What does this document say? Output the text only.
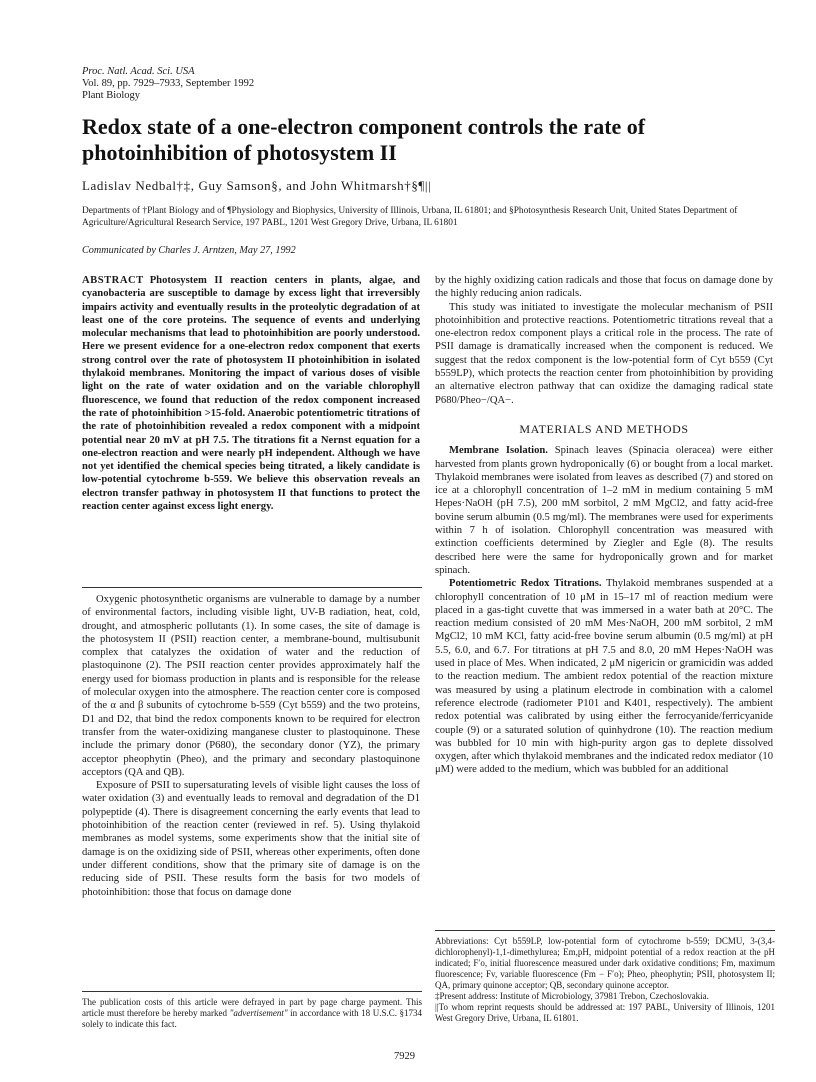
Proc. Natl. Acad. Sci. USA
Vol. 89, pp. 7929–7933, September 1992
Plant Biology
Redox state of a one-electron component controls the rate of photoinhibition of photosystem II
Ladislav Nedbal†‡, Guy Samson§, and John Whitmarsh†§¶||
Departments of †Plant Biology and of ¶Physiology and Biophysics, University of Illinois, Urbana, IL 61801; and §Photosynthesis Research Unit, United States Department of Agriculture/Agricultural Research Service, 197 PABL, 1201 West Gregory Drive, Urbana, IL 61801
Communicated by Charles J. Arntzen, May 27, 1992
ABSTRACT Photosystem II reaction centers in plants, algae, and cyanobacteria are susceptible to damage by excess light that irreversibly impairs activity and eventually results in the proteolytic degradation of at least one of the core proteins. The sequence of events and underlying molecular mechanisms that lead to photoinhibition are poorly understood. Here we present evidence for a one-electron redox component that exerts strong control over the rate of photosystem II photoinhibition in isolated thylakoid membranes. Monitoring the impact of various doses of visible light on the rate of water oxidation and on the variable chlorophyll fluorescence, we found that reduction of the redox component increased the rate of photoinhibition >15-fold. Anaerobic potentiometric titrations of the rate of photoinhibition revealed a redox component with a midpoint potential near 20 mV at pH 7.5. The titrations fit a Nernst equation for a one-electron reaction and were nearly pH independent. Although we have not yet identified the chemical species being titrated, a likely candidate is low-potential cytochrome b-559. We believe this observation reveals an electron transfer pathway in photosystem II that functions to protect the reaction center against excess light energy.

Oxygenic photosynthetic organisms are vulnerable to damage by a number of environmental factors, including visible light, UV-B radiation, heat, cold, drought, and atmospheric pollutants (1). In some cases, the site of damage is the photosystem II (PSII) reaction center, a membrane-bound, multisubunit complex that catalyzes the oxidation of water and the reduction of plastoquinone (2). The PSII reaction center provides approximately half the energy used for biomass production in plants and is responsible for the release of molecular oxygen into the atmosphere. The reaction center core is composed of the α and β subunits of cytochrome b-559 (Cyt b559) and the two proteins, D1 and D2, that bind the redox components known to be required for electron transfer from the water-oxidizing manganese cluster to plastoquinone. These include the primary donor (P680), the secondary donor (YZ), the primary acceptor pheophytin (Pheo), and the primary and secondary plastoquinone acceptors (QA and QB).

Exposure of PSII to supersaturating levels of visible light causes the loss of water oxidation (3) and eventually leads to removal and degradation of the D1 polypeptide (4). There is disagreement concerning the early events that lead to photoinhibition of the reaction center (reviewed in ref. 5). Using thylakoid membranes as model systems, some experiments show that the initial site of damage is on the oxidizing side of PSII, whereas other experiments, often done under different conditions, show that the primary site of damage is on the reducing side of PSII. These results form the basis for two models of photoinhibition: those that focus on damage done

The publication costs of this article were defrayed in part by page charge payment. This article must therefore be hereby marked "advertisement" in accordance with 18 U.S.C. §1734 solely to indicate this fact.

by the highly oxidizing cation radicals and those that focus on damage done by the highly reducing anion radicals.

This study was initiated to investigate the molecular mechanism of PSII photoinhibition and protective reactions. Potentiometric titrations reveal that a one-electron redox component plays a critical role in the process. The rate of PSII damage is dramatically increased when the component is reduced. We suggest that the redox component is the low-potential form of Cyt b559 (Cyt b559LP), which protects the reaction center from photoinhibition by providing an alternative electron pathway that can oxidize the damaging radical state P680/Pheo−/QA−.

MATERIALS AND METHODS

Membrane Isolation. Spinach leaves (Spinacia oleracea) were either harvested from plants grown hydroponically (6) or bought from a local market. Thylakoid membranes were isolated from leaves as described (7) and stored on ice at a chlorophyll concentration of 1–2 mM in medium containing 5 mM Hepes·NaOH (pH 7.5), 200 mM sorbitol, 2 mM MgCl2, and fatty acid-free bovine serum albumin (0.5 mg/ml). The membranes were used for experiments within 7 h of isolation. Chlorophyll concentration was measured with extinction coefficients determined by Ziegler and Egle (8). The results described here were the same for hydroponically grown and for market spinach.

Potentiometric Redox Titrations. Thylakoid membranes suspended at a chlorophyll concentration of 10 μM in 15–17 ml of reaction medium were placed in a gas-tight cuvette that was immersed in a water bath at 20°C. The reaction medium consisted of 20 mM Mes·NaOH, 200 mM sorbitol, 2 mM MgCl2, 10 mM KCl, fatty acid-free bovine serum albumin (0.5 mg/ml) at pH 5.5, 6.0, and 6.7. For titrations at pH 7.5 and 8.0, 20 mM Hepes·NaOH was used in place of Mes. When indicated, 2 μM nigericin or gramicidin was added to the reaction medium. The ambient redox potential of the reaction mixture was measured by using a platinum electrode in combination with a calomel reference electrode (radiometer P101 and K401, respectively). The ambient redox potential was calibrated by using either the ferrocyanide/ferricyanide couple (9) or a saturated solution of quinhydrone (10). The reaction medium was bubbled for 10 min with high-purity argon gas to deplete dissolved oxygen, after which thylakoid membranes and the indicated redox mediator (10 μM) were added to the medium, which was bubbled for an additional

Abbreviations: Cyt b559LP, low-potential form of cytochrome b-559; DCMU, 3-(3,4-dichlorophenyl)-1,1-dimethylurea; Em,pH, midpoint potential of a redox reaction at the pH indicated; F′o, initial fluorescence measured under dark oxidative conditions; Fm, maximum fluorescence; Fv, variable fluorescence (Fm − F′o); Pheo, pheophytin; PSII, photosystem II; QA, primary quinone acceptor; QB, secondary quinone acceptor.

‡Present address: Institute of Microbiology, 37981 Trebon, Czechoslovakia.

||To whom reprint requests should be addressed at: 197 PABL, University of Illinois, 1201 West Gregory Drive, Urbana, IL 61801.

7929
